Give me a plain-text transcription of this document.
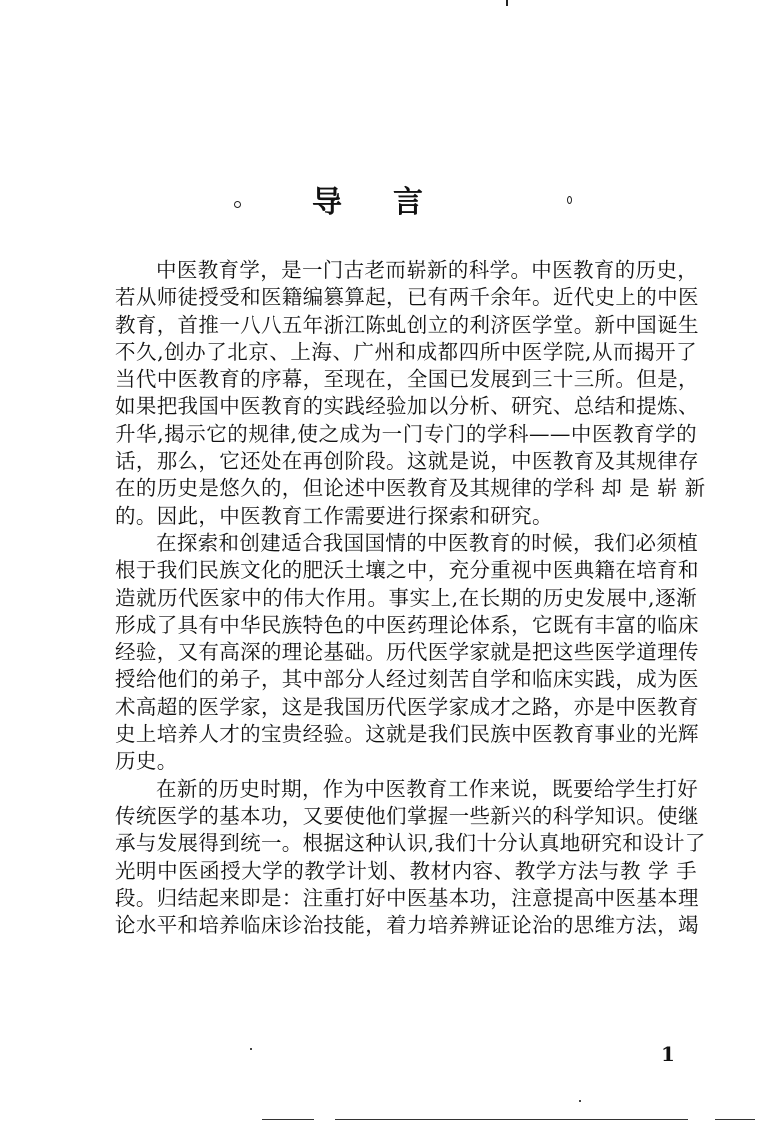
导 言
中医教育学，是一门古老而崭新的科学。中医教育的历史，
若从师徒授受和医籍编篡算起，已有两千余年。近代史上的中医
教育，首推一八八五年浙江陈虬创立的利济医学堂。新中国诞生
不久,创办了北京、上海、广州和成都四所中医学院,从而揭开了
当代中医教育的序幕，至现在，全国已发展到三十三所。但是，
如果把我国中医教育的实践经验加以分析、研究、总结和提炼、
升华,揭示它的规律,使之成为一门专门的学科——中医教育学的
话，那么，它还处在再创阶段。这就是说，中医教育及其规律存
在的历史是悠久的，但论述中医教育及其规律的学科 却 是 崭 新
的。因此，中医教育工作需要进行探索和研究。
在探索和创建适合我国国情的中医教育的时候，我们必须植
根于我们民族文化的肥沃土壤之中，充分重视中医典籍在培育和
造就历代医家中的伟大作用。事实上,在长期的历史发展中,逐渐
形成了具有中华民族特色的中医药理论体系，它既有丰富的临床
经验，又有高深的理论基础。历代医学家就是把这些医学道理传
授给他们的弟子，其中部分人经过刻苦自学和临床实践，成为医
术高超的医学家，这是我国历代医学家成才之路，亦是中医教育
史上培养人才的宝贵经验。这就是我们民族中医教育事业的光辉
历史。
在新的历史时期，作为中医教育工作来说，既要给学生打好
传统医学的基本功，又要使他们掌握一些新兴的科学知识。使继
承与发展得到统一。根据这种认识,我们十分认真地研究和设计了
光明中医函授大学的教学计划、教材内容、教学方法与教 学 手
段。归结起来即是：注重打好中医基本功，注意提高中医基本理
论水平和培养临床诊治技能，着力培养辨证论治的思维方法，竭
1
